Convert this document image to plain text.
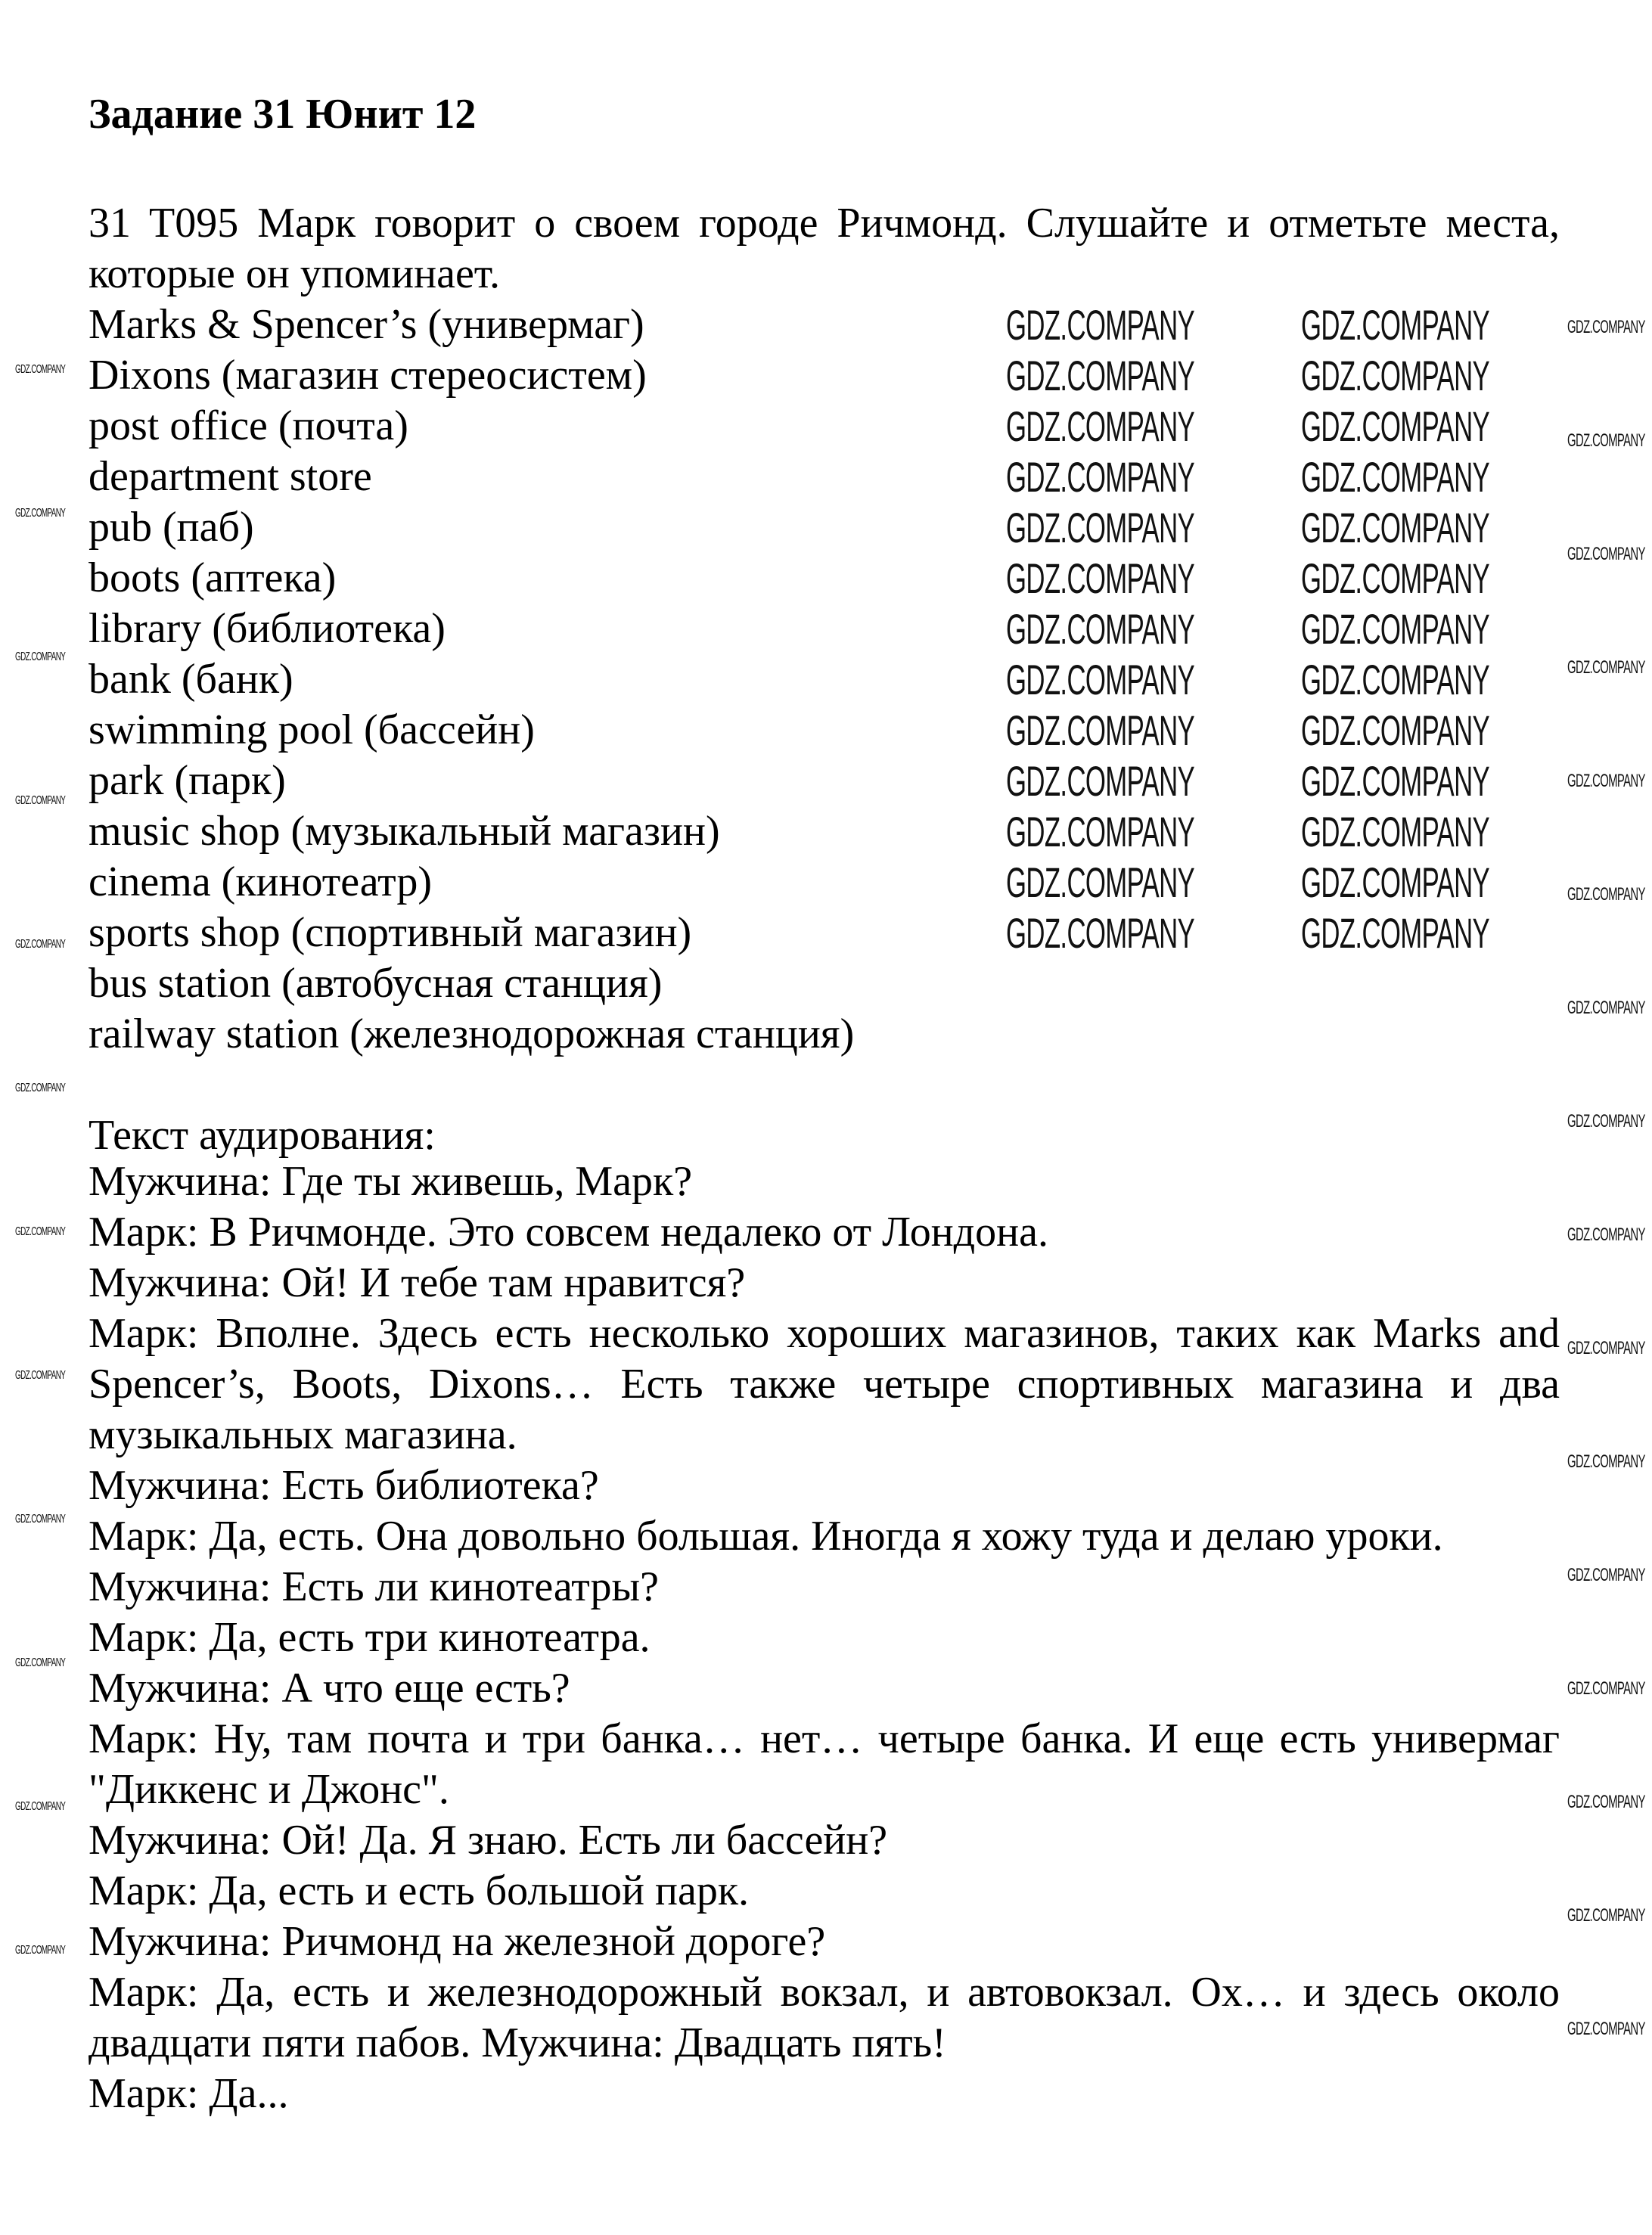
Задание 31 Юнит 12

31 T095 Марк говорит о своем городе Ричмонд. Слушайте и отметьте места, которые он упоминает.

Marks & Spencer’s (универмаг)

Dixons (магазин стереосистем)

post office (почта)

department store

pub (паб)

boots (аптека)

library (библиотека)

bank (банк)

swimming pool (бассейн)

park (парк)

music shop (музыкальный магазин)

cinema (кинотеатр)

sports shop (спортивный магазин)

bus station (автобусная станция)

railway station (железнодорожная станция)

Текст аудирования:

Мужчина: Где ты живешь, Марк?

Марк: В Ричмонде. Это совсем недалеко от Лондона.

Мужчина: Ой! И тебе там нравится?

Марк: Вполне. Здесь есть несколько хороших магазинов, таких как Marks and Spencer’s, Boots, Dixons… Есть также четыре спортивных магазина и два музыкальных магазина.

Мужчина: Есть библиотека?

Марк: Да, есть. Она довольно большая. Иногда я хожу туда и делаю уроки.

Мужчина: Есть ли кинотеатры?

Марк: Да, есть три кинотеатра.

Мужчина: А что еще есть?

Марк: Ну, там почта и три банка… нет… четыре банка. И еще есть универмаг "Диккенс и Джонс".

Мужчина: Ой! Да. Я знаю. Есть ли бассейн?

Марк: Да, есть и есть большой парк.

Мужчина: Ричмонд на железной дороге?

Марк: Да, есть и железнодорожный вокзал, и автовокзал. Ох… и здесь около двадцати пяти пабов. Мужчина: Двадцать пять!

Марк: Да...

GDZ.COMPANY	GDZ.COMPANY
GDZ.COMPANY	GDZ.COMPANY
GDZ.COMPANY	GDZ.COMPANY
GDZ.COMPANY	GDZ.COMPANY
GDZ.COMPANY	GDZ.COMPANY
GDZ.COMPANY	GDZ.COMPANY
GDZ.COMPANY	GDZ.COMPANY
GDZ.COMPANY	GDZ.COMPANY
GDZ.COMPANY	GDZ.COMPANY
GDZ.COMPANY	GDZ.COMPANY
GDZ.COMPANY	GDZ.COMPANY
GDZ.COMPANY	GDZ.COMPANY
GDZ.COMPANY	GDZ.COMPANY
GDZ.COMPANY
GDZ.COMPANY
GDZ.COMPANY
GDZ.COMPANY
GDZ.COMPANY
GDZ.COMPANY
GDZ.COMPANY
GDZ.COMPANY
GDZ.COMPANY
GDZ.COMPANY
GDZ.COMPANY
GDZ.COMPANY
GDZ.COMPANY
GDZ.COMPANY
GDZ.COMPANY
GDZ.COMPANY
GDZ.COMPANY
GDZ.COMPANY
GDZ.COMPANY
GDZ.COMPANY
GDZ.COMPANY
GDZ.COMPANY
GDZ.COMPANY
GDZ.COMPANY
GDZ.COMPANY
GDZ.COMPANY
GDZ.COMPANY
GDZ.COMPANY
